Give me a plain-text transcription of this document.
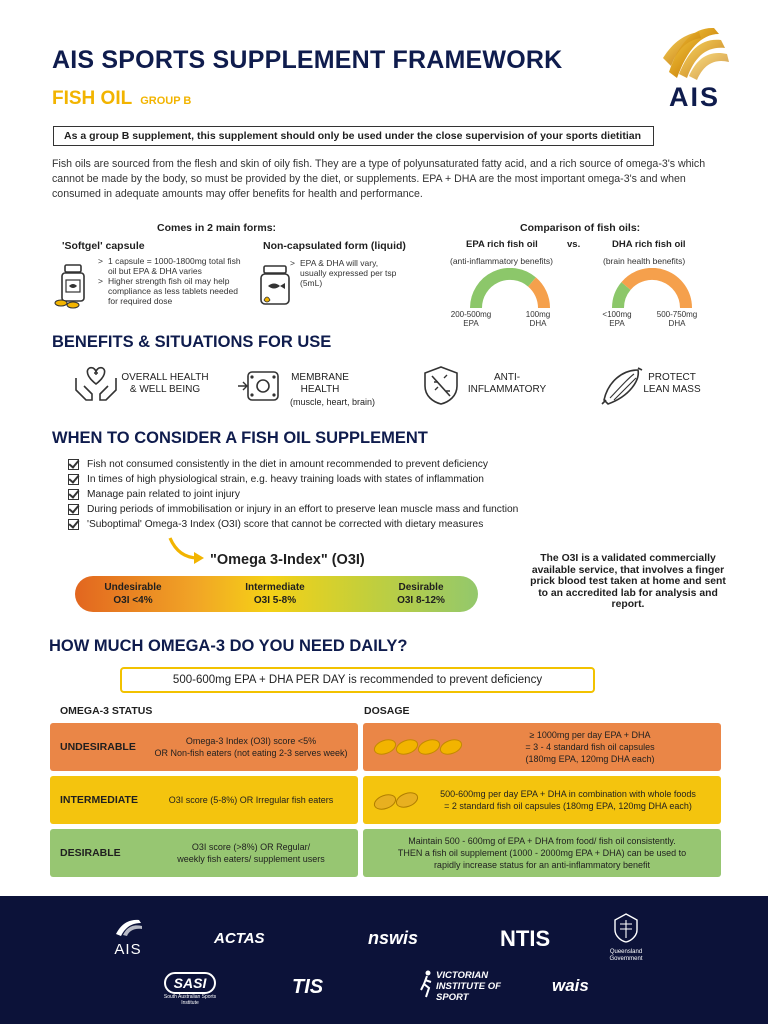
AIS SPORTS SUPPLEMENT FRAMEWORK
FISH OIL GROUP B	AIS
As a group B supplement, this supplement should only be used under the close supervision of your sports dietitian

Fish oils are sourced from the flesh and skin of oily fish. They are a type of polyunsaturated fatty acid, and a rich source of omega-3's which cannot be made by the body, so must be provided by the diet, or supplements. EPA + DHA are the most important omega-3's and when consumed in adequate amounts may offer benefits for health and performance.

Comes in 2 main forms:
'Softgel' capsule	Non-capsulated form (liquid)
> 1 capsule = 1000-1800mg total fish oil but EPA & DHA varies
> Higher strength fish oil may help compliance as less tablets needed for required dose
> EPA & DHA will vary, usually expressed per tsp (5mL)
Comparison of fish oils:
EPA rich fish oil	vs.	DHA rich fish oil
(anti-inflammatory benefits)	(brain health benefits)
200-500mg
EPA
100mg
DHA
<100mg
EPA
500-750mg
DHA
BENEFITS & SITUATIONS FOR USE
OVERALL HEALTH
& WELL BEING
MEMBRANE
HEALTH
(muscle, heart, brain)
ANTI-
INFLAMMATORY
PROTECT
LEAN MASS
WHEN TO CONSIDER A FISH OIL SUPPLEMENT
Fish not consumed consistently in the diet in amount recommended to prevent deficiency
In times of high physiological strain, e.g. heavy training loads with states of inflammation
Manage pain related to joint injury
During periods of immobilisation or injury in an effort to preserve lean muscle mass and function
'Suboptimal' Omega-3 Index (O3I) score that cannot be corrected with dietary measures
"Omega 3-Index" (O3I)
Undesirable
O3I <4%
Intermediate
O3I 5-8%
Desirable
O3I 8-12%
The O3I is a validated commercially available service, that involves a finger prick blood test taken at home and sent to an accredited lab for analysis and report.
HOW MUCH OMEGA-3 DO YOU NEED DAILY?
500-600mg EPA + DHA PER DAY is recommended to prevent deficiency
OMEGA-3 STATUS	DOSAGE
UNDESIRABLE	Omega-3 Index (O3I) score <5%
OR Non-fish eaters (not eating 2-3 serves week)
≥ 1000mg per day EPA + DHA
= 3 - 4 standard fish oil capsules
(180mg EPA, 120mg DHA each)
INTERMEDIATE	O3I score (5-8%) OR Irregular fish eaters
500-600mg per day EPA + DHA in combination with whole foods
= 2 standard fish oil capsules (180mg EPA, 120mg DHA each)
DESIRABLE	O3I score (>8%) OR Regular/
weekly fish eaters/ supplement users
Maintain 500 - 600mg of EPA + DHA from food/ fish oil consistently.
THEN a fish oil supplement (1000 - 2000mg EPA + DHA) can be used to
rapidly increase status for an anti-inflammatory benefit
AIS
ACTAS	nswis	NTIS
Queensland
Government
SASI
South Australian Sports Institute
TIS
VICTORIAN INSTITUTE OF SPORT
wais
